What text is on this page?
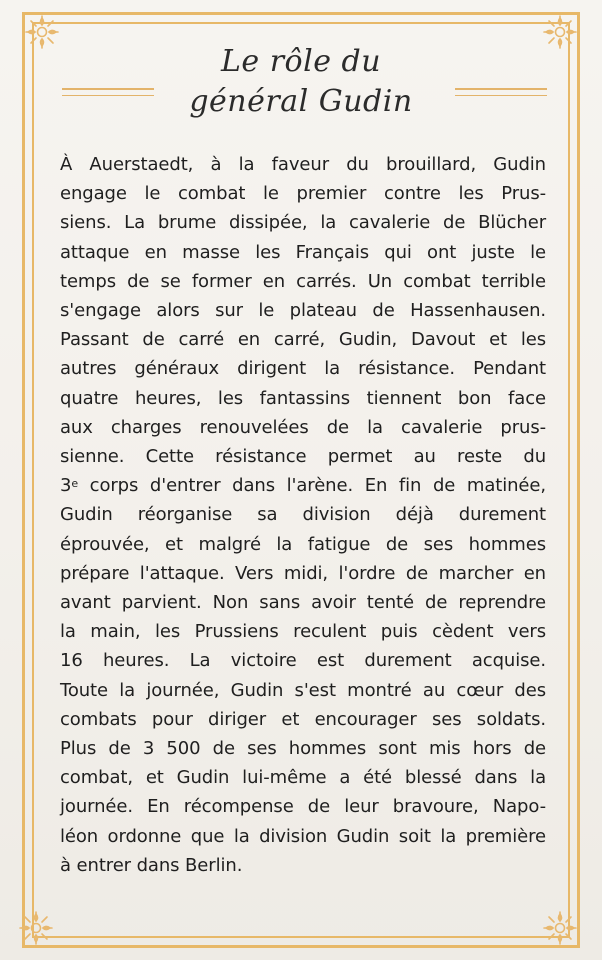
Le rôle du
général Gudin
À Auerstaedt, à la faveur du brouillard, Gudin
engage le combat le premier contre les Prus-
siens. La brume dissipée, la cavalerie de Blücher
attaque en masse les Français qui ont juste le
temps de se former en carrés. Un combat terrible
s'engage alors sur le plateau de Hassenhausen.
Passant de carré en carré, Gudin, Davout et les
autres généraux dirigent la résistance. Pendant
quatre heures, les fantassins tiennent bon face
aux charges renouvelées de la cavalerie prus-
sienne. Cette résistance permet au reste du
3e corps d'entrer dans l'arène. En fin de matinée,
Gudin réorganise sa division déjà durement
éprouvée, et malgré la fatigue de ses hommes
prépare l'attaque. Vers midi, l'ordre de marcher en
avant parvient. Non sans avoir tenté de reprendre
la main, les Prussiens reculent puis cèdent vers
16 heures. La victoire est durement acquise.
Toute la journée, Gudin s'est montré au cœur des
combats pour diriger et encourager ses soldats.
Plus de 3 500 de ses hommes sont mis hors de
combat, et Gudin lui-même a été blessé dans la
journée. En récompense de leur bravoure, Napo-
léon ordonne que la division Gudin soit la première
à entrer dans Berlin.
